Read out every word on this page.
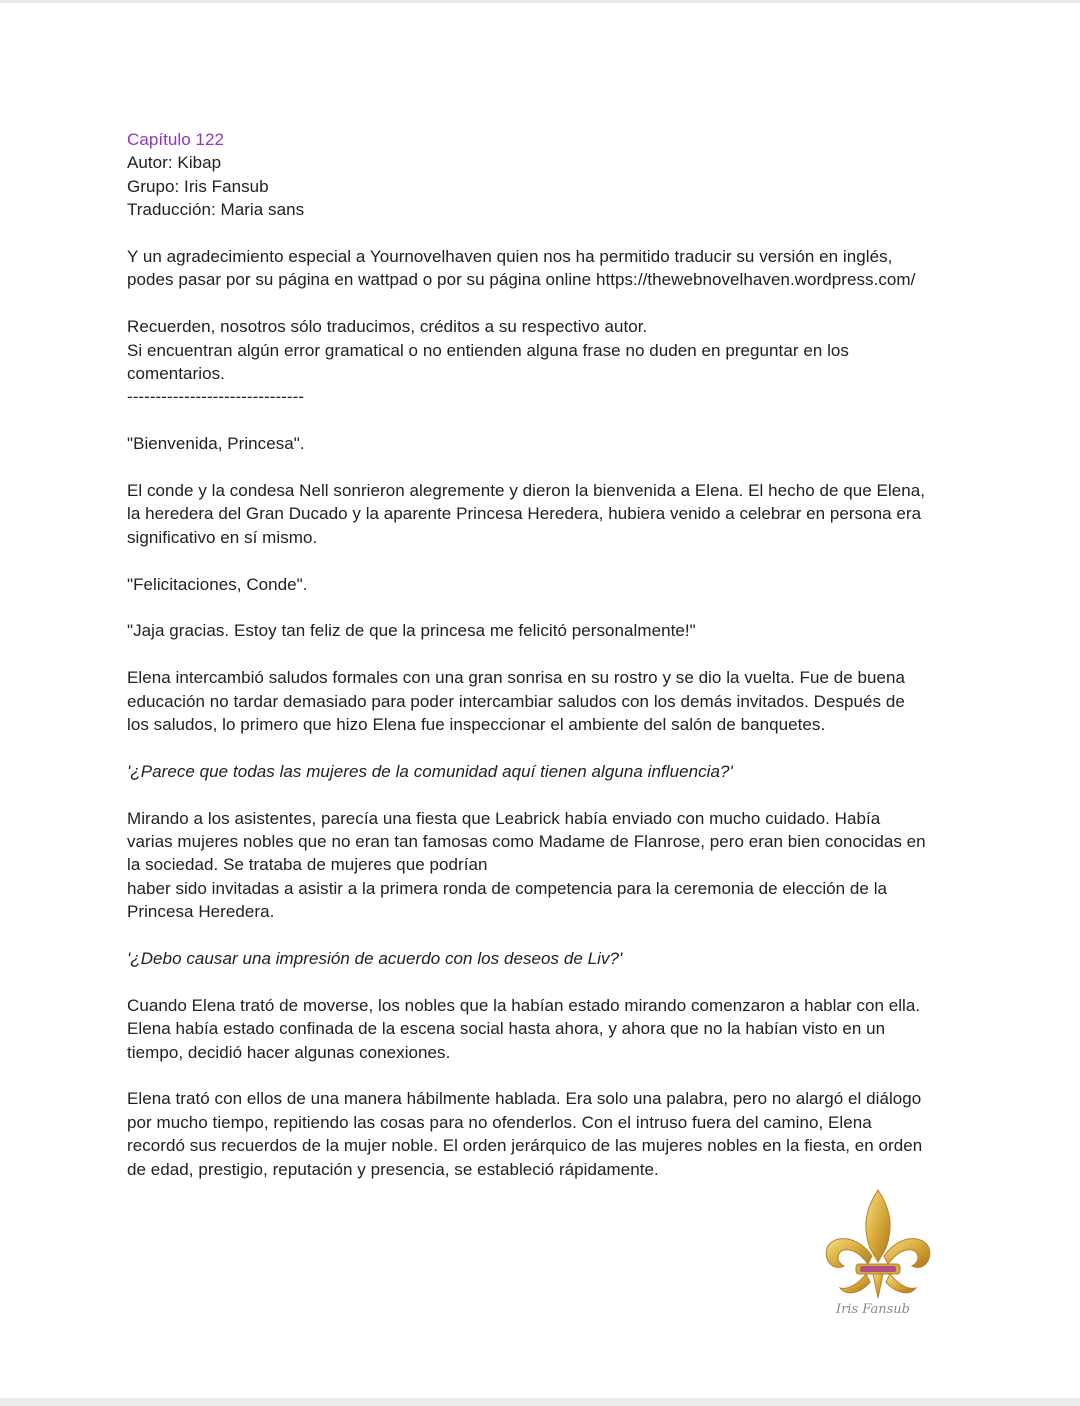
Capítulo 122

Autor: Kibap

Grupo: Iris Fansub

Traducción: Maria sans

Y un agradecimiento especial a Yournovelhaven quien nos ha permitido traducir su versión en inglés,

podes pasar por su página en wattpad o por su página online https://thewebnovelhaven.wordpress.com/

Recuerden, nosotros sólo traducimos, créditos a su respectivo autor.

Si encuentran algún error gramatical o no entienden alguna frase no duden en preguntar en los

comentarios.

-------------------------------

"Bienvenida, Princesa".

El conde y la condesa Nell sonrieron alegremente y dieron la bienvenida a Elena. El hecho de que Elena,

la heredera del Gran Ducado y la aparente Princesa Heredera, hubiera venido a celebrar en persona era

significativo en sí mismo.

"Felicitaciones, Conde".

"Jaja gracias. Estoy tan feliz de que la princesa me felicitó personalmente!"

Elena intercambió saludos formales con una gran sonrisa en su rostro y se dio la vuelta. Fue de buena

educación no tardar demasiado para poder intercambiar saludos con los demás invitados. Después de

los saludos, lo primero que hizo Elena fue inspeccionar el ambiente del salón de banquetes.

'¿Parece que todas las mujeres de la comunidad aquí tienen alguna influencia?'

Mirando a los asistentes, parecía una fiesta que Leabrick había enviado con mucho cuidado. Había

varias mujeres nobles que no eran tan famosas como Madame de Flanrose, pero eran bien conocidas en

la sociedad. Se trataba de mujeres que podrían

haber sido invitadas a asistir a la primera ronda de competencia para la ceremonia de elección de la

Princesa Heredera.

'¿Debo causar una impresión de acuerdo con los deseos de Liv?'

Cuando Elena trató de moverse, los nobles que la habían estado mirando comenzaron a hablar con ella.

Elena había estado confinada de la escena social hasta ahora, y ahora que no la habían visto en un

tiempo, decidió hacer algunas conexiones.

Elena trató con ellos de una manera hábilmente hablada. Era solo una palabra, pero no alargó el diálogo

por mucho tiempo, repitiendo las cosas para no ofenderlos. Con el intruso fuera del camino, Elena

recordó sus recuerdos de la mujer noble. El orden jerárquico de las mujeres nobles en la fiesta, en orden

de edad, prestigio, reputación y presencia, se estableció rápidamente.

Iris Fansub
